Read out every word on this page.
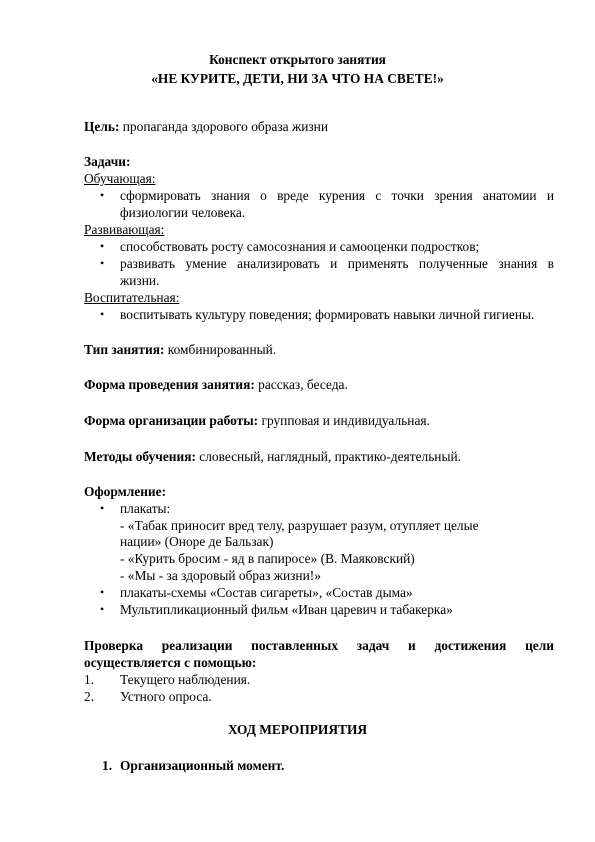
Конспект открытого занятия
«НЕ КУРИТЕ, ДЕТИ, НИ ЗА ЧТО НА СВЕТЕ!»
Цель: пропаганда здорового образа жизни
Задачи:
Обучающая:
• сформировать знания о вреде курения с точки зрения анатомии и
физиологии человека.
Развивающая:
• способствовать росту самосознания и самооценки подростков;
• развивать умение анализировать и применять полученные знания в
жизни.
Воспитательная:
• воспитывать культуру поведения; формировать навыки личной гигиены.
Тип занятия: комбинированный.
Форма проведения занятия: рассказ, беседа.
Форма организации работы: групповая и индивидуальная.
Методы обучения: словесный, наглядный, практико-деятельный.
Оформление:
• плакаты:
- «Табак приносит вред телу, разрушает разум, отупляет целые
нации» (Оноре де Бальзак)
- «Курить бросим - яд в папиросе» (В. Маяковский)
- «Мы - за здоровый образ жизни!»
• плакаты-схемы «Состав сигареты», «Состав дыма»
• Мультипликационный фильм «Иван царевич и табакерка»
Проверка реализации поставленных задач и достижения цели
осуществляется с помощью:
1. Текущего наблюдения.
2. Устного опроса.
ХОД МЕРОПРИЯТИЯ
1. Организационный момент.
